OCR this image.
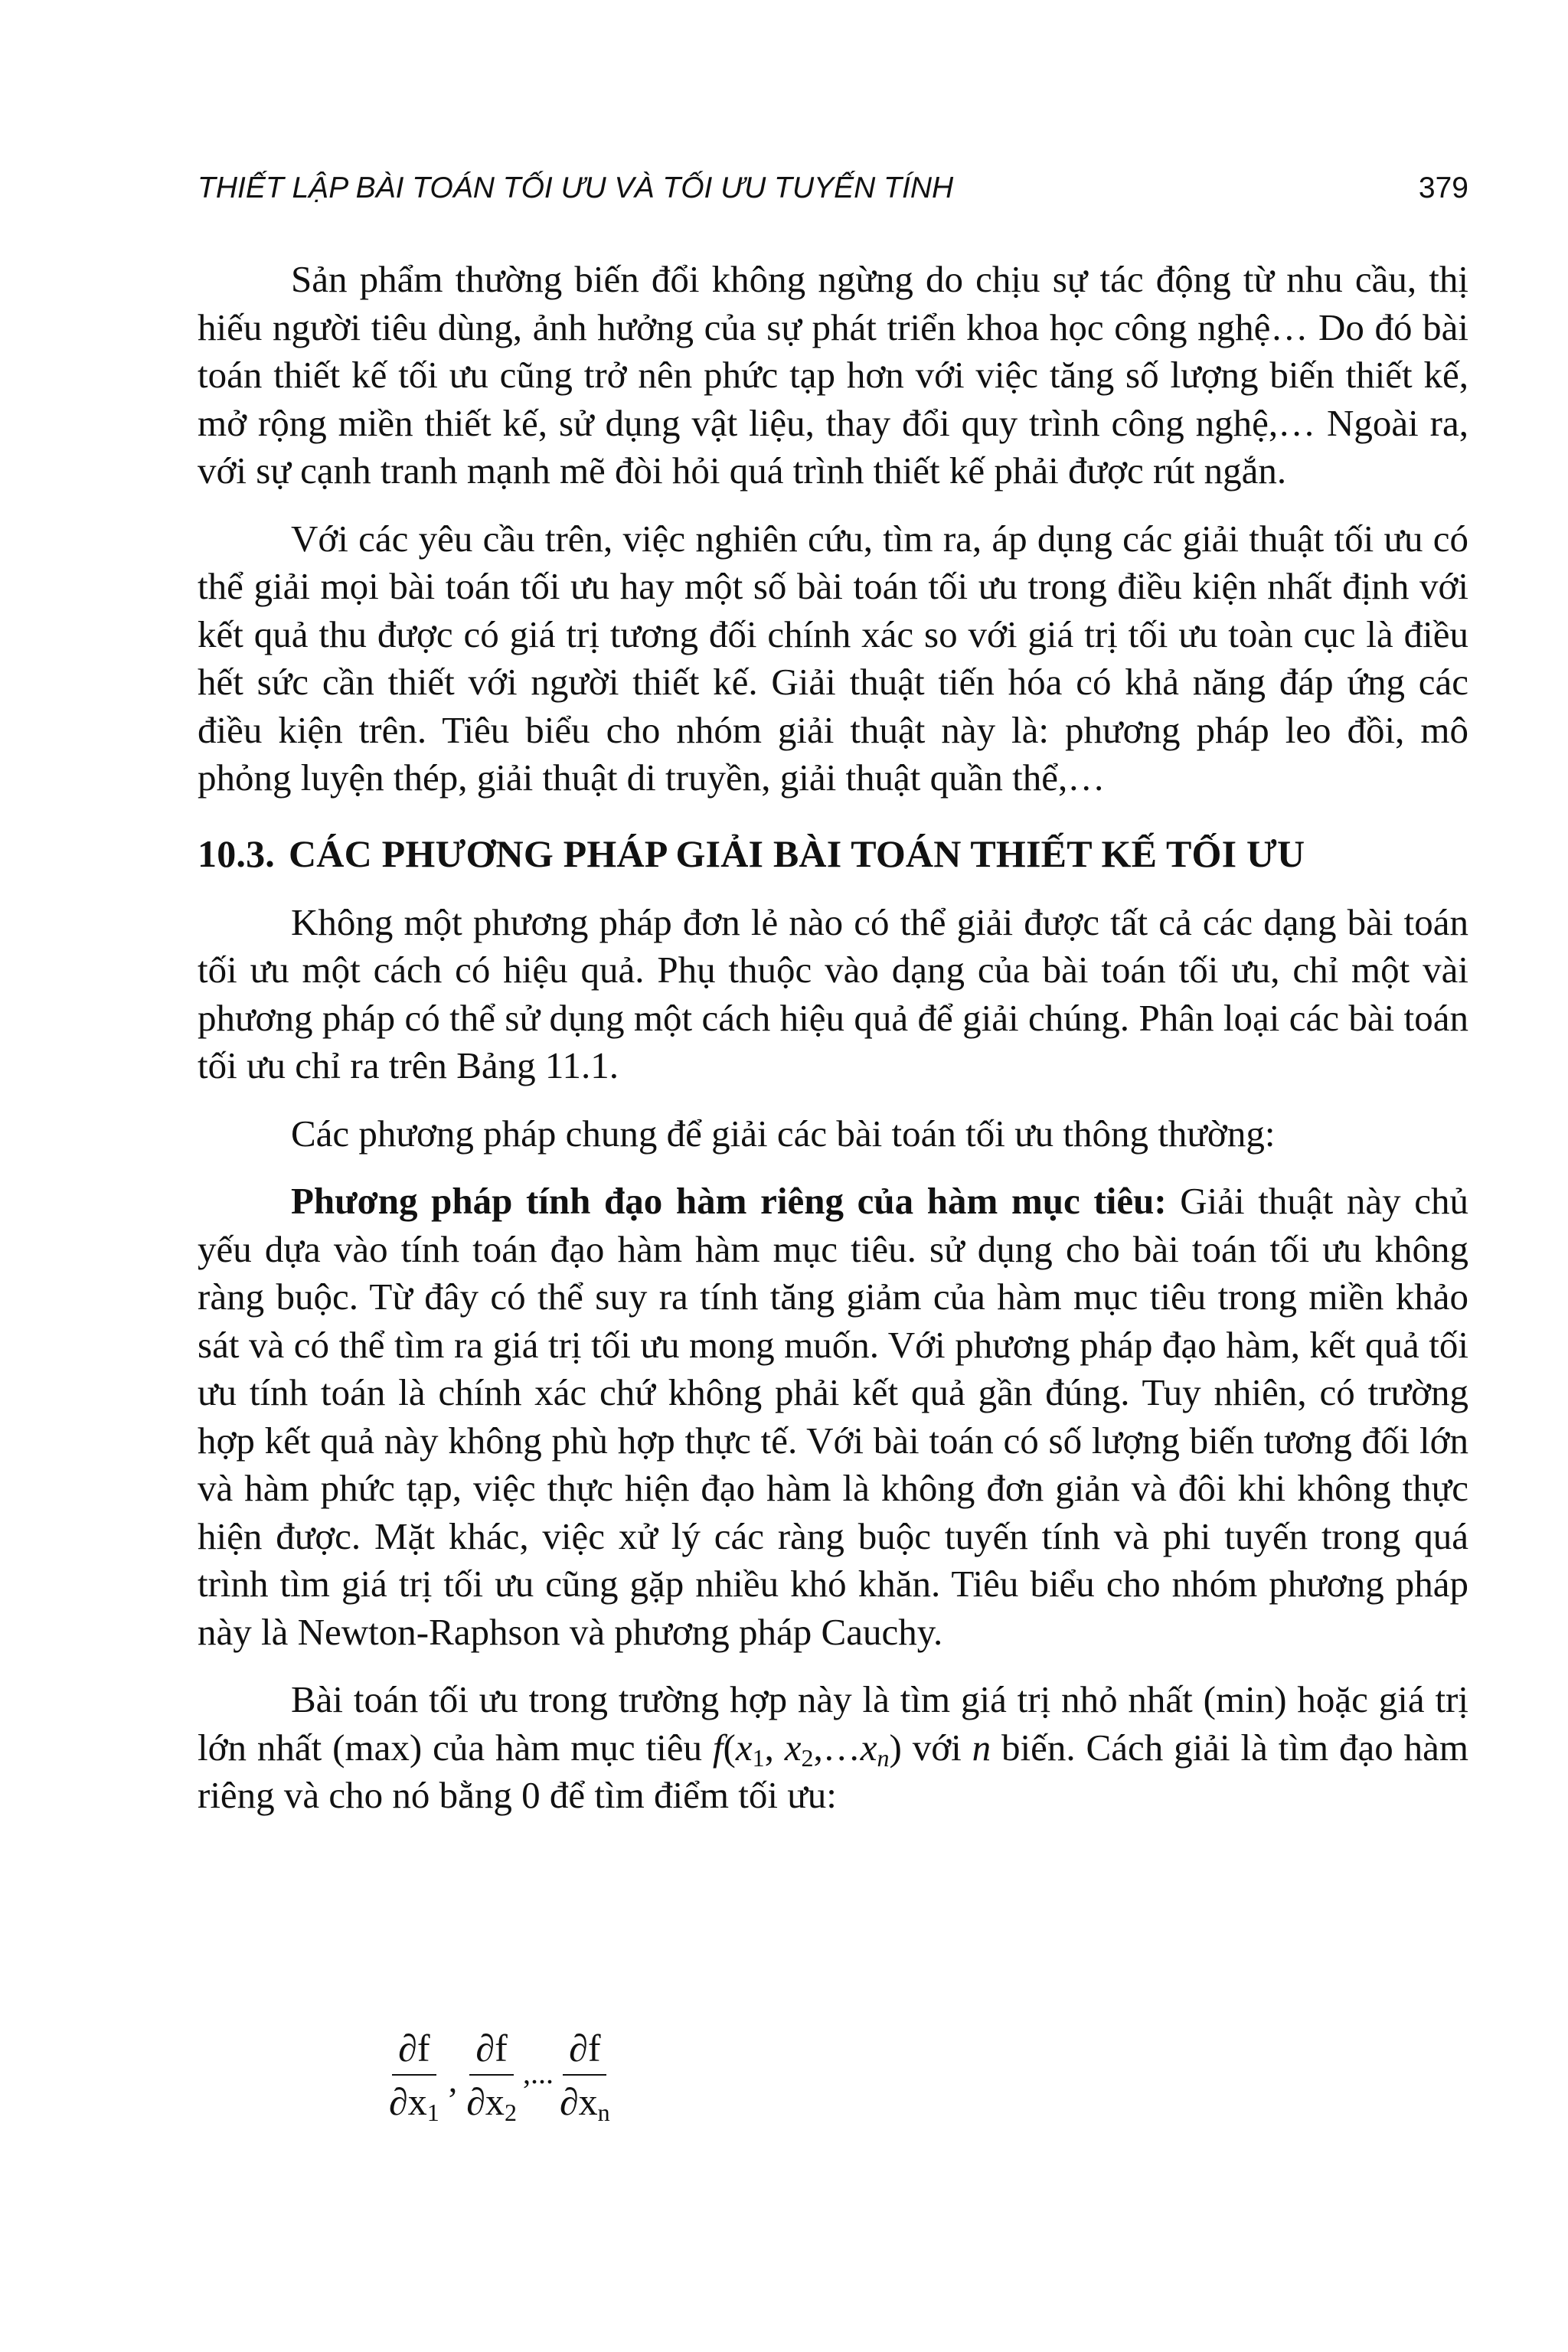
THIẾT LẬP BÀI TOÁN TỐI ƯU VÀ TỐI ƯU TUYẾN TÍNH	379

Sản phẩm thường biến đổi không ngừng do chịu sự tác động từ nhu cầu, thị hiếu người tiêu dùng, ảnh hưởng của sự phát triển khoa học công nghệ… Do đó bài toán thiết kế tối ưu cũng trở nên phức tạp hơn với việc tăng số lượng biến thiết kế, mở rộng miền thiết kế, sử dụng vật liệu, thay đổi quy trình công nghệ,… Ngoài ra, với sự cạnh tranh mạnh mẽ đòi hỏi quá trình thiết kế phải được rút ngắn.

Với các yêu cầu trên, việc nghiên cứu, tìm ra, áp dụng các giải thuật tối ưu có thể giải mọi bài toán tối ưu hay một số bài toán tối ưu trong điều kiện nhất định với kết quả thu được có giá trị tương đối chính xác so với giá trị tối ưu toàn cục là điều hết sức cần thiết với người thiết kế. Giải thuật tiến hóa có khả năng đáp ứng các điều kiện trên. Tiêu biểu cho nhóm giải thuật này là: phương pháp leo đồi, mô phỏng luyện thép, giải thuật di truyền, giải thuật quần thể,…

10.3. CÁC PHƯƠNG PHÁP GIẢI BÀI TOÁN THIẾT KẾ TỐI ƯU

Không một phương pháp đơn lẻ nào có thể giải được tất cả các dạng bài toán tối ưu một cách có hiệu quả. Phụ thuộc vào dạng của bài toán tối ưu, chỉ một vài phương pháp có thể sử dụng một cách hiệu quả để giải chúng. Phân loại các bài toán tối ưu chỉ ra trên Bảng 11.1.

Các phương pháp chung để giải các bài toán tối ưu thông thường:

Phương pháp tính đạo hàm riêng của hàm mục tiêu: Giải thuật này chủ yếu dựa vào tính toán đạo hàm hàm mục tiêu. sử dụng cho bài toán tối ưu không ràng buộc. Từ đây có thể suy ra tính tăng giảm của hàm mục tiêu trong miền khảo sát và có thể tìm ra giá trị tối ưu mong muốn. Với phương pháp đạo hàm, kết quả tối ưu tính toán là chính xác chứ không phải kết quả gần đúng. Tuy nhiên, có trường hợp kết quả này không phù hợp thực tế. Với bài toán có số lượng biến tương đối lớn và hàm phức tạp, việc thực hiện đạo hàm là không đơn giản và đôi khi không thực hiện được. Mặt khác, việc xử lý các ràng buộc tuyến tính và phi tuyến trong quá trình tìm giá trị tối ưu cũng gặp nhiều khó khăn. Tiêu biểu cho nhóm phương pháp này là Newton-Raphson và phương pháp Cauchy.

Bài toán tối ưu trong trường hợp này là tìm giá trị nhỏ nhất (min) hoặc giá trị lớn nhất (max) của hàm mục tiêu $f(x_1$, $x_2,\dots x_n$) với n biến. Cách giải là tìm đạo hàm riêng và cho nó bằng 0 để tìm điểm tối ưu:

$\frac{\partial f}{\partial x_1}$ , $\frac{\partial f}{\partial x_2}$ ,... $\frac{\partial f}{\partial x_n}$
